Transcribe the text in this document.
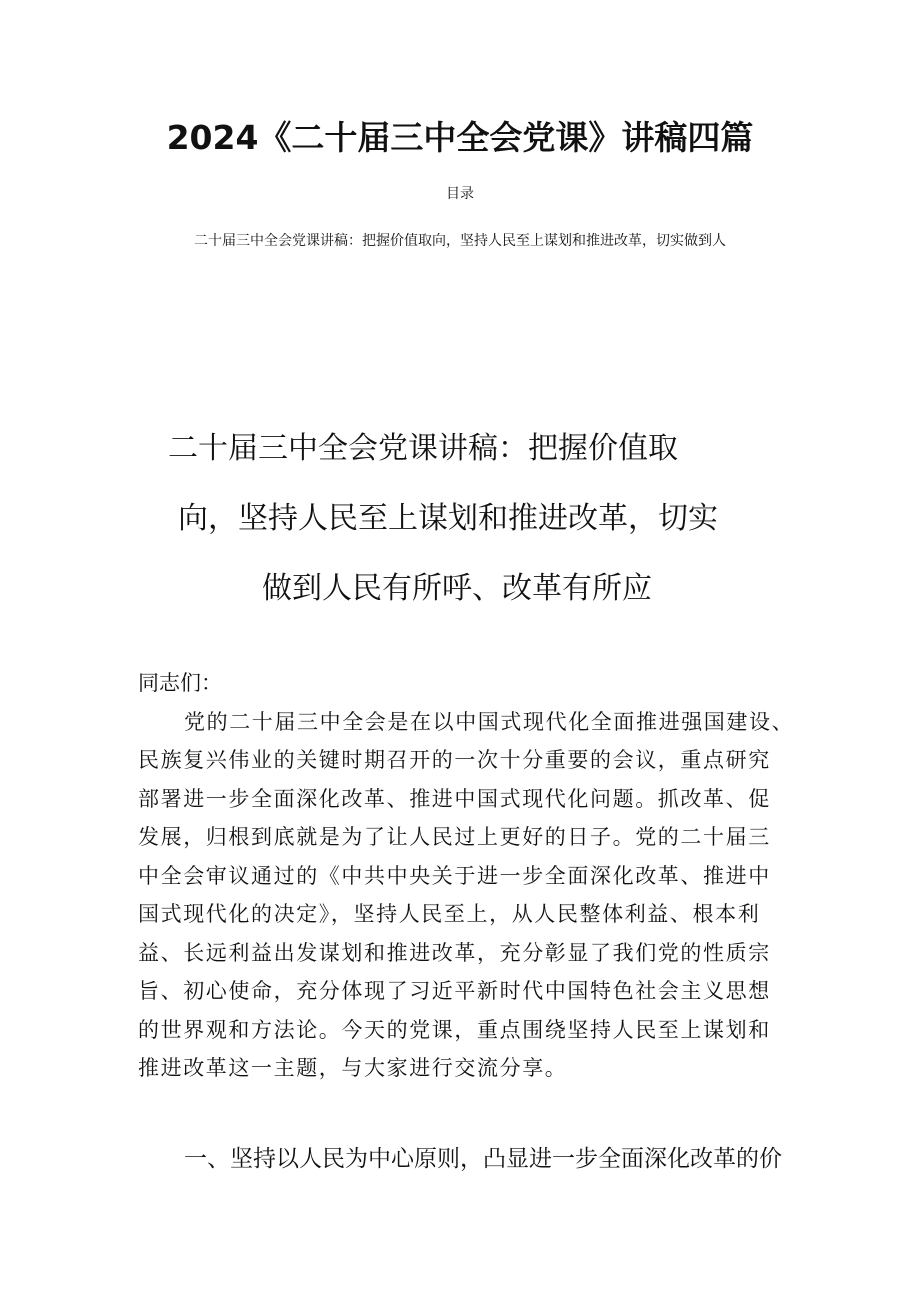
2024《二十届三中全会党课》讲稿四篇
目录
二十届三中全会党课讲稿：把握价值取向，坚持人民至上谋划和推进改革，切实做到人
二十届三中全会党课讲稿：把握价值取
向，坚持人民至上谋划和推进改革，切实
做到人民有所呼、改革有所应
同志们：

党的二十届三中全会是在以中国式现代化全面推进强国建设、
民族复兴伟业的关键时期召开的一次十分重要的会议，重点研究
部署进一步全面深化改革、推进中国式现代化问题。抓改革、促
发展，归根到底就是为了让人民过上更好的日子。党的二十届三
中全会审议通过的《中共中央关于进一步全面深化改革、推进中
国式现代化的决定》，坚持人民至上，从人民整体利益、根本利
益、长远利益出发谋划和推进改革，充分彰显了我们党的性质宗
旨、初心使命，充分体现了习近平新时代中国特色社会主义思想
的世界观和方法论。今天的党课，重点围绕坚持人民至上谋划和
推进改革这一主题，与大家进行交流分享。

一、坚持以人民为中心原则，凸显进一步全面深化改革的价
